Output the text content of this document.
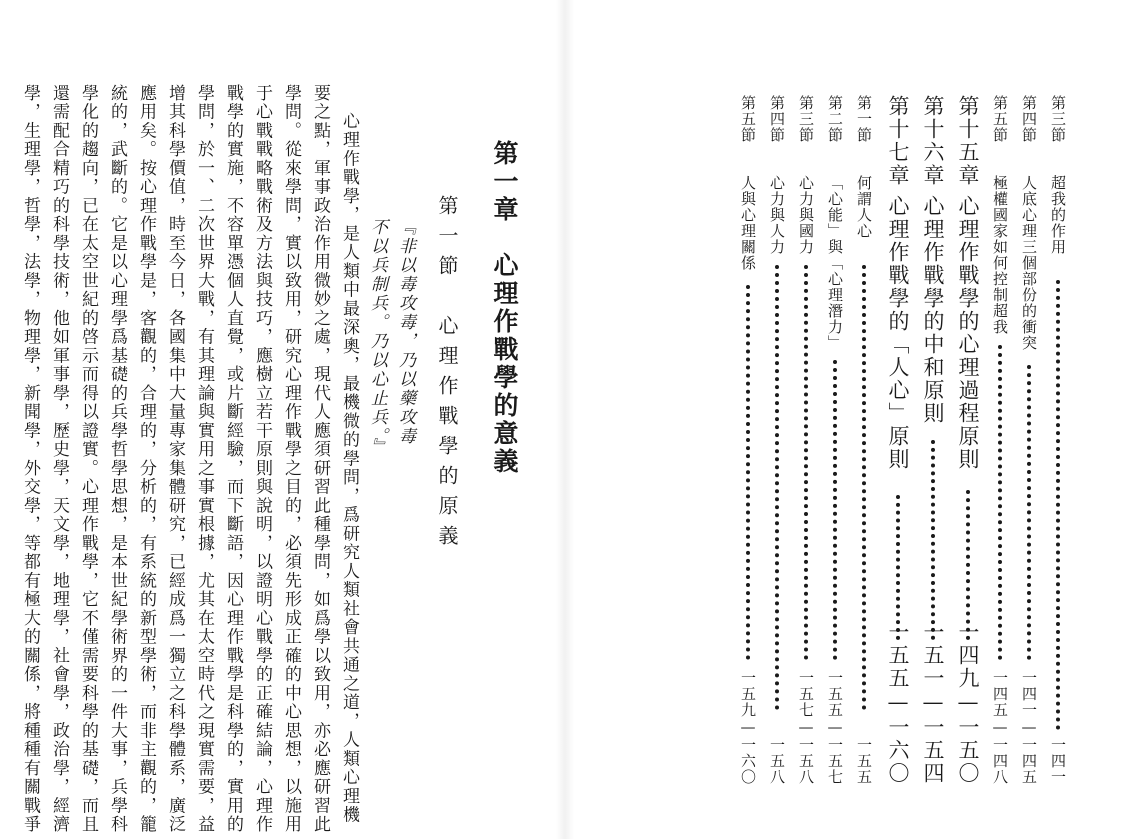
第一章　心理作戰學的意義
第一節　心理作戰學的原義
『非以毒攻毒，乃以藥攻毒
不以兵制兵。乃以心止兵。』
心理作戰學，是人類中最深奧，最機微的學問，爲研究人類社會共通之道，人類心理機
要之點，軍事政治作用微妙之處，現代人應須研習此種學問，如爲學以致用，亦必應研習此
學問。從來學問，實以致用，研究心理作戰學之目的，必須先形成正確的中心思想，以施用
于心戰戰略戰術及方法與技巧，應樹立若干原則與說明，以證明心戰學的正確結論，心理作
戰學的實施，不容單憑個人直覺，或片斷經驗，而下斷語，因心理作戰學是科學的，實用的
學問，於一、二次世界大戰，有其理論與實用之事實根據，尤其在太空時代之現實需要，益
增其科學價值，時至今日，各國集中大量專家集體研究，已經成爲一獨立之科學體系，廣泛
應用矣。按心理作戰學是，客觀的，合理的，分析的，有系統的新型學術，而非主觀的，籠
統的，武斷的。它是以心理學爲基礎的兵學哲學思想，是本世紀學術界的一件大事，兵學科
學化的趨向，已在太空世紀的啓示而得以證實。心理作戰學，它不僅需要科學的基礎，而且
還需配合精巧的科學技術，他如軍事學，歷史學，天文學，地理學，社會學，政治學，經濟
學，生理學，哲學，法學，物理學，新聞學，外交學，等都有極大的關係，將種種有關戰爭	第三節
超我的作用
一四一
第四節
人底心理三個部份的衝突
一四一—一四五
第五節
極權國家如何控制超我
一四五—一四八
第十五章
心理作戰學的心理過程原則
一四九—一五〇
第十六章
心理作戰學的中和原則
一五一—一五四
第十七章
心理作戰學的「人心」原則
一五五—一六〇
第一節
何謂人心
一五五
第二節
「心能」與「心理潛力」
一五五—一五七
第三節
心力與國力
一五七—一五八
第四節
心力與人力
一五八
第五節
人與心理關係
一五九—一六〇
